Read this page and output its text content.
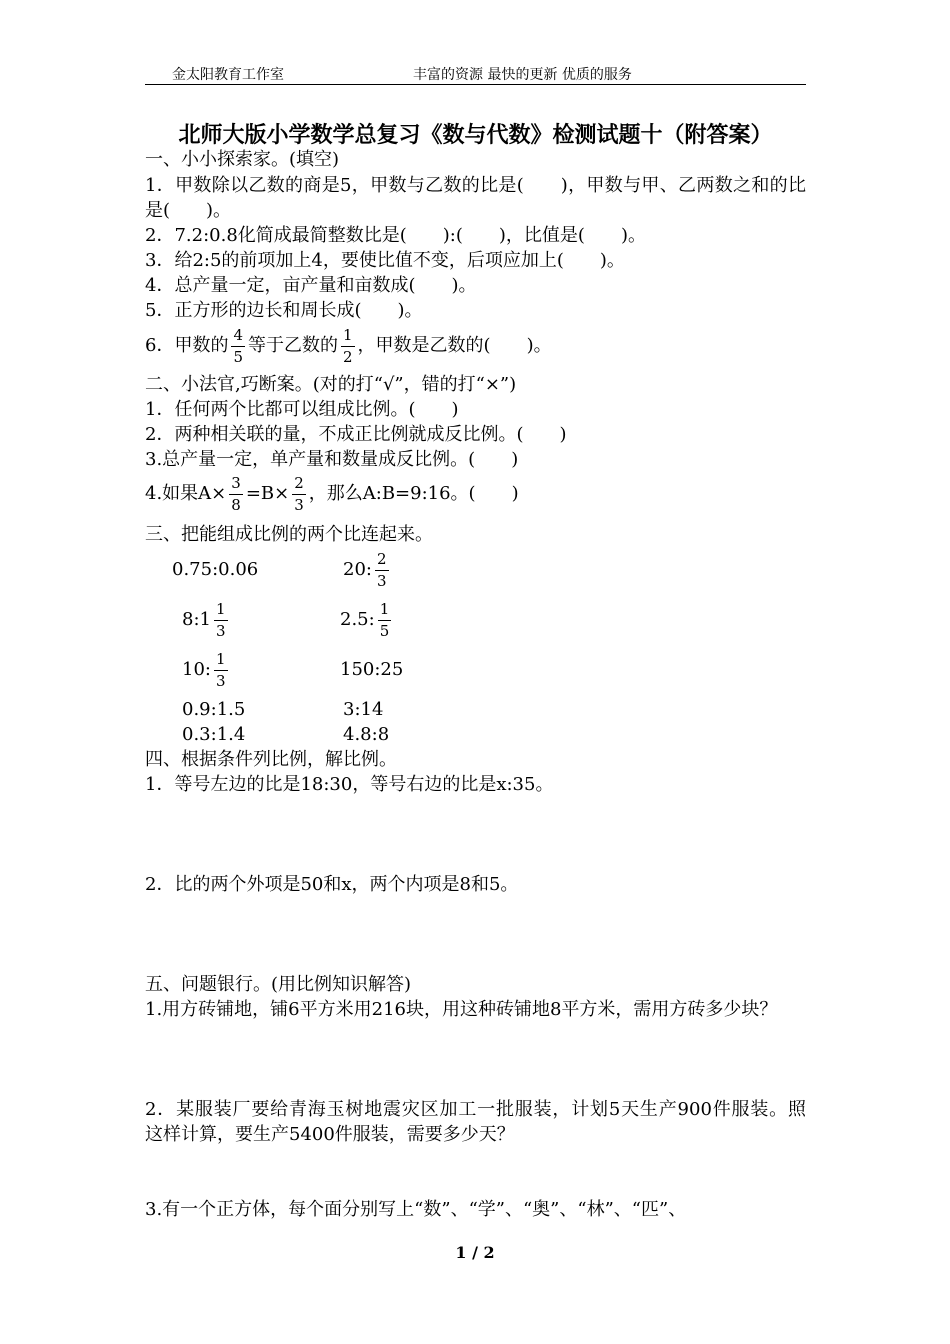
金太阳教育工作室	丰富的资源 最快的更新 优质的服务
北师大版小学数学总复习《数与代数》检测试题十（附答案）
一、小小探索家。(填空)
1．甲数除以乙数的商是5，甲数与乙数的比是(　　)，甲数与甲、乙两数之和的比
是(　　)。
2．7.2:0.8化简成最简整数比是(　　):(　　)，比值是(　　)。
3．给2:5的前项加上4，要使比值不变，后项应加上(　　)。
4．总产量一定，亩产量和亩数成(　　)。
5．正方形的边长和周长成(　　)。
6．甲数的 $\frac{4}{5}$ 等于乙数的 $\frac{1}{2}$ ，甲数是乙数的(　　)。
二、小法官,巧断案。(对的打“√”，错的打“×”)
1．任何两个比都可以组成比例。(　　)
2．两种相关联的量，不成正比例就成反比例。(　　)
3.总产量一定，单产量和数量成反比例。(　　)
4.如果$A\times \frac{3}{8} =B\times \frac{2}{3}$ ，那么A:B=9:16。(　　)
三、把能组成比例的两个比连起来。
0.75:0.06	20: $\frac{2}{3}$
8:1 $\frac{1}{3}$	2.5: $\frac{1}{5}$
10: $\frac{1}{3}$	150:25
0.9:1.5	3:14
0.3:1.4	4.8:8
四、根据条件列比例，解比例。
1．等号左边的比是18:30，等号右边的比是x:35。
2．比的两个外项是50和x，两个内项是8和5。
五、问题银行。(用比例知识解答)
1.用方砖铺地，铺6平方米用216块，用这种砖铺地8平方米，需用方砖多少块？
2．某服装厂要给青海玉树地震灾区加工一批服装，计划5天生产900件服装。照
这样计算，要生产5400件服装，需要多少天？
3.有一个正方体，每个面分别写上“数”、“学”、“奥”、“林”、“匹”、
1 / 2
